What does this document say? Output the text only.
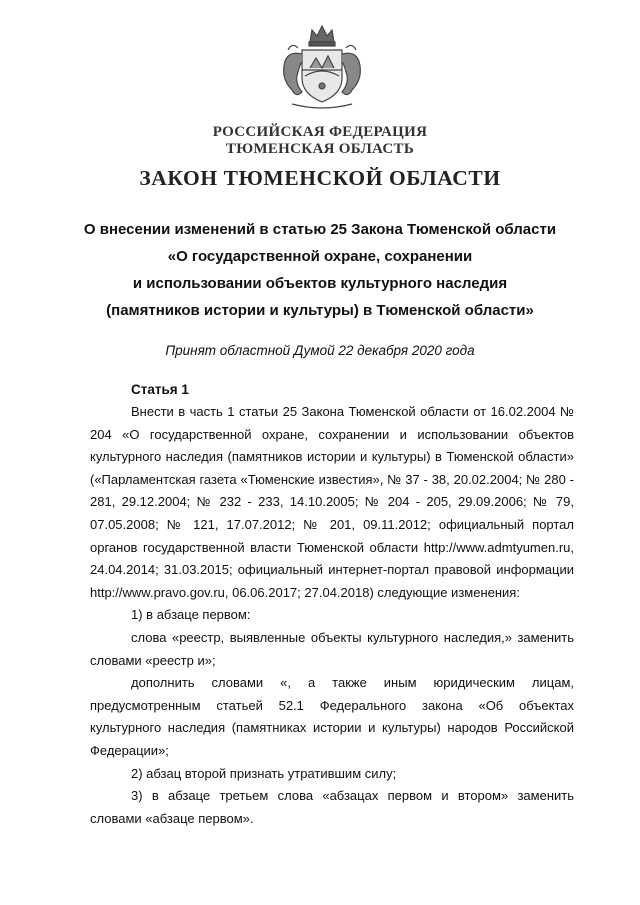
РОССИЙСКАЯ ФЕДЕРАЦИЯ
ТЮМЕНСКАЯ ОБЛАСТЬ
ЗАКОН ТЮМЕНСКОЙ ОБЛАСТИ
О внесении изменений в статью 25 Закона Тюменской области
«О государственной охране, сохранении
и использовании объектов культурного наследия
(памятников истории и культуры) в Тюменской области»
Принят областной Думой 22 декабря 2020 года
Статья 1

Внести в часть 1 статьи 25 Закона Тюменской области от 16.02.2004 № 204 «О государственной охране, сохранении и использовании объектов культурного наследия (памятников истории и культуры) в Тюменской области» («Парламентская газета «Тюменские известия», № 37 - 38, 20.02.2004; № 280 - 281, 29.12.2004; № 232 - 233, 14.10.2005; № 204 - 205, 29.09.2006; № 79, 07.05.2008; № 121, 17.07.2012; № 201, 09.11.2012; официальный портал органов государственной власти Тюменской области http://www.admtyumen.ru, 24.04.2014; 31.03.2015; официальный интернет-портал правовой информации http://www.pravo.gov.ru, 06.06.2017; 27.04.2018) следующие изменения:

1) в абзаце первом:

слова «реестр, выявленные объекты культурного наследия,» заменить словами «реестр и»;

дополнить словами «, а также иным юридическим лицам, предусмотренным статьей 52.1 Федерального закона «Об объектах культурного наследия (памятниках истории и культуры) народов Российской Федерации»;

2) абзац второй признать утратившим силу;

3) в абзаце третьем слова «абзацах первом и втором» заменить словами «абзаце первом».
